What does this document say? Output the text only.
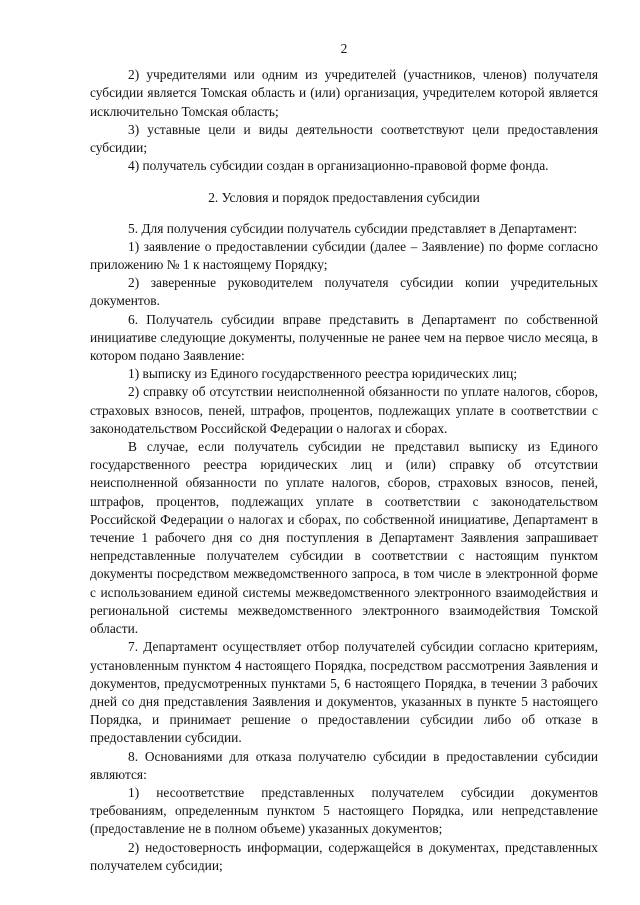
2

2) учредителями или одним из учредителей (участников, членов) получателя субсидии является Томская область и (или) организация, учредителем которой является исключительно Томская область;

3) уставные цели и виды деятельности соответствуют цели предоставления субсидии;

4) получатель субсидии создан в организационно-правовой форме фонда.

2. Условия и порядок предоставления субсидии

5. Для получения субсидии получатель субсидии представляет в Департамент:

1) заявление о предоставлении субсидии (далее – Заявление) по форме согласно приложению № 1 к настоящему Порядку;

2) заверенные руководителем получателя субсидии копии учредительных документов.

6. Получатель субсидии вправе представить в Департамент по собственной инициативе следующие документы, полученные не ранее чем на первое число месяца, в котором подано Заявление:

1) выписку из Единого государственного реестра юридических лиц;

2) справку об отсутствии неисполненной обязанности по уплате налогов, сборов, страховых взносов, пеней, штрафов, процентов, подлежащих уплате в соответствии с законодательством Российской Федерации о налогах и сборах.

В случае, если получатель субсидии не представил выписку из Единого государственного реестра юридических лиц и (или) справку об отсутствии неисполненной обязанности по уплате налогов, сборов, страховых взносов, пеней, штрафов, процентов, подлежащих уплате в соответствии с законодательством Российской Федерации о налогах и сборах, по собственной инициативе, Департамент в течение 1 рабочего дня со дня поступления в Департамент Заявления запрашивает непредставленные получателем субсидии в соответствии с настоящим пунктом документы посредством межведомственного запроса, в том числе в электронной форме с использованием единой системы межведомственного электронного взаимодействия и региональной системы межведомственного электронного взаимодействия Томской области.

7. Департамент осуществляет отбор получателей субсидии согласно критериям, установленным пунктом 4 настоящего Порядка, посредством рассмотрения Заявления и документов, предусмотренных пунктами 5, 6 настоящего Порядка, в течении 3 рабочих дней со дня представления Заявления и документов, указанных в пункте 5 настоящего Порядка, и принимает решение о предоставлении субсидии либо об отказе в предоставлении субсидии.

8. Основаниями для отказа получателю субсидии в предоставлении субсидии являются:

1) несоответствие представленных получателем субсидии документов требованиям, определенным пунктом 5 настоящего Порядка, или непредставление (предоставление не в полном объеме) указанных документов;

2) недостоверность информации, содержащейся в документах, представленных получателем субсидии;
